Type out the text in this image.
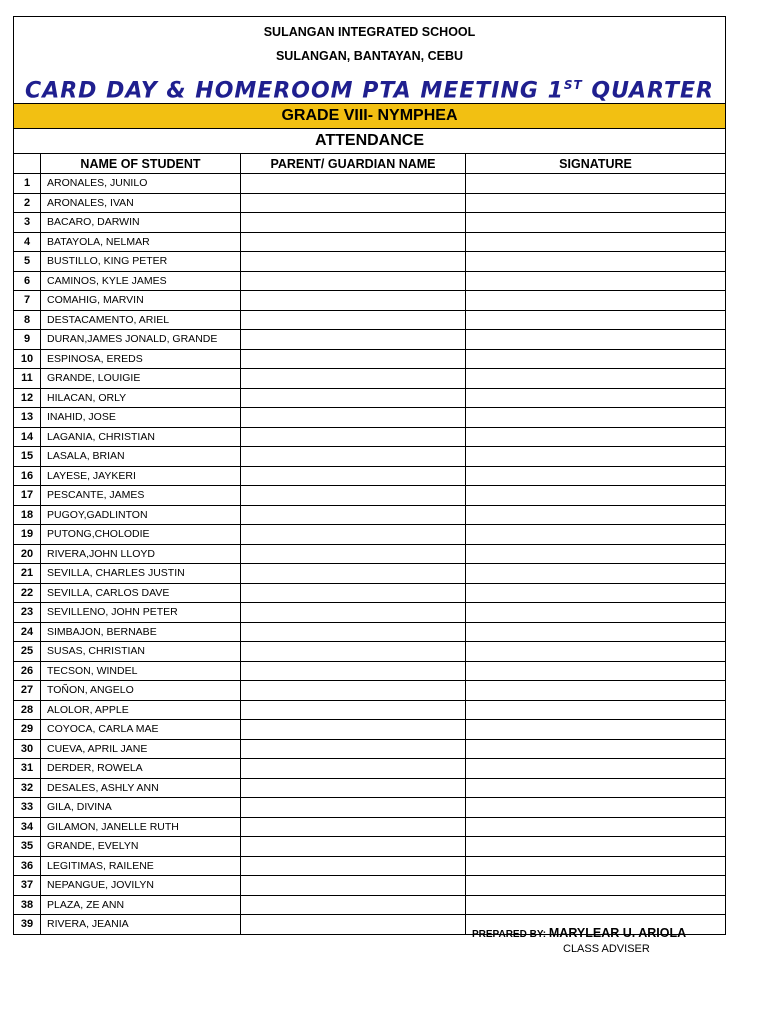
SULANGAN INTEGRATED SCHOOL
SULANGAN, BANTAYAN, CEBU
CARD DAY & HOMEROOM PTA MEETING 1ST QUARTER
GRADE VIII- NYMPHEA
ATTENDANCE
	NAME OF STUDENT	PARENT/ GUARDIAN NAME	SIGNATURE
1	ARONALES, JUNILO		
2	ARONALES, IVAN		
3	BACARO, DARWIN		
4	BATAYOLA, NELMAR		
5	BUSTILLO, KING PETER		
6	CAMINOS, KYLE JAMES		
7	COMAHIG, MARVIN		
8	DESTACAMENTO, ARIEL		
9	DURAN,JAMES JONALD, GRANDE		
10	ESPINOSA, EREDS		
11	GRANDE, LOUIGIE		
12	HILACAN, ORLY		
13	INAHID, JOSE		
14	LAGANIA, CHRISTIAN		
15	LASALA, BRIAN		
16	LAYESE, JAYKERI		
17	PESCANTE, JAMES		
18	PUGOY,GADLINTON		
19	PUTONG,CHOLODIE		
20	RIVERA,JOHN LLOYD		
21	SEVILLA, CHARLES JUSTIN		
22	SEVILLA, CARLOS DAVE		
23	SEVILLENO, JOHN PETER		
24	SIMBAJON, BERNABE		
25	SUSAS, CHRISTIAN		
26	TECSON, WINDEL		
27	TOÑON, ANGELO		
28	ALOLOR, APPLE		
29	COYOCA, CARLA MAE		
30	CUEVA, APRIL JANE		
31	DERDER, ROWELA		
32	DESALES, ASHLY ANN		
33	GILA, DIVINA		
34	GILAMON, JANELLE RUTH		
35	GRANDE, EVELYN		
36	LEGITIMAS, RAILENE		
37	NEPANGUE, JOVILYN		
38	PLAZA, ZE ANN		
39	RIVERA, JEANIA		
PREPARED BY: MARYLEAR U. ARIOLA
CLASS ADVISER
